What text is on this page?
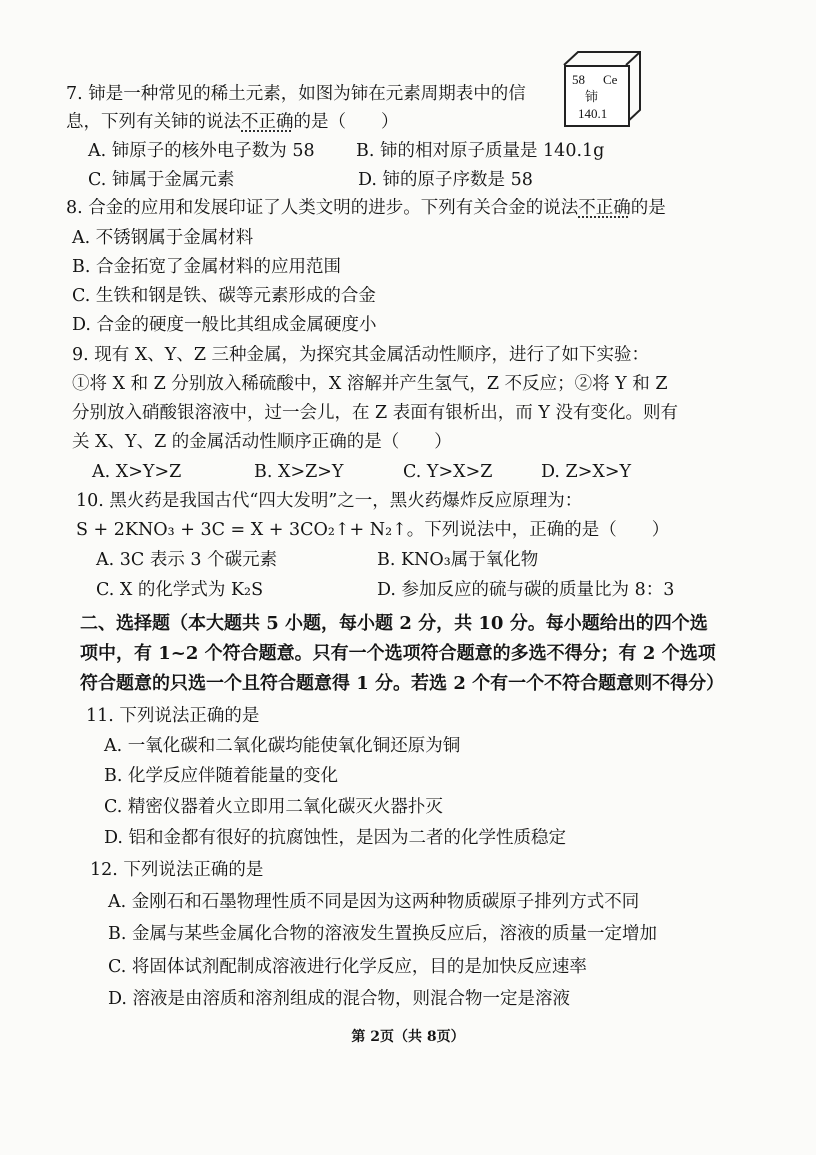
58 Ce
铈
140.1
7. 铈是一种常见的稀土元素，如图为铈在元素周期表中的信
息，下列有关铈的说法不正确的是（　　）
A. 铈原子的核外电子数为 58 B. 铈的相对原子质量是 140.1g
C. 铈属于金属元素	D. 铈的原子序数是 58
8. 合金的应用和发展印证了人类文明的进步。下列有关合金的说法不正确的是
A. 不锈钢属于金属材料
B. 合金拓宽了金属材料的应用范围
C. 生铁和钢是铁、碳等元素形成的合金
D. 合金的硬度一般比其组成金属硬度小
9. 现有 X、Y、Z 三种金属，为探究其金属活动性顺序，进行了如下实验：
①将 X 和 Z 分别放入稀硫酸中，X 溶解并产生氢气，Z 不反应；②将 Y 和 Z
分别放入硝酸银溶液中，过一会儿，在 Z 表面有银析出，而 Y 没有变化。则有
关 X、Y、Z 的金属活动性顺序正确的是（　　）
A. X>Y>Z	B. X>Z>Y	C. Y>X>Z	D. Z>X>Y
10. 黑火药是我国古代“四大发明”之一，黑火药爆炸反应原理为：
S + 2KNO₃ + 3C = X + 3CO₂↑+ N₂↑。下列说法中，正确的是（　　）
A. 3C 表示 3 个碳元素	B. KNO₃属于氧化物
C. X 的化学式为 K₂S	D. 参加反应的硫与碳的质量比为 8：3
二、选择题（本大题共 5 小题，每小题 2 分，共 10 分。每小题给出的四个选
项中，有 1~2 个符合题意。只有一个选项符合题意的多选不得分；有 2 个选项
符合题意的只选一个且符合题意得 1 分。若选 2 个有一个不符合题意则不得分）
11. 下列说法正确的是
A. 一氧化碳和二氧化碳均能使氧化铜还原为铜
B. 化学反应伴随着能量的变化
C. 精密仪器着火立即用二氧化碳灭火器扑灭
D. 铝和金都有很好的抗腐蚀性，是因为二者的化学性质稳定
12. 下列说法正确的是
A. 金刚石和石墨物理性质不同是因为这两种物质碳原子排列方式不同
B. 金属与某些金属化合物的溶液发生置换反应后，溶液的质量一定增加
C. 将固体试剂配制成溶液进行化学反应，目的是加快反应速率
D. 溶液是由溶质和溶剂组成的混合物，则混合物一定是溶液
第 2页（共 8页）
